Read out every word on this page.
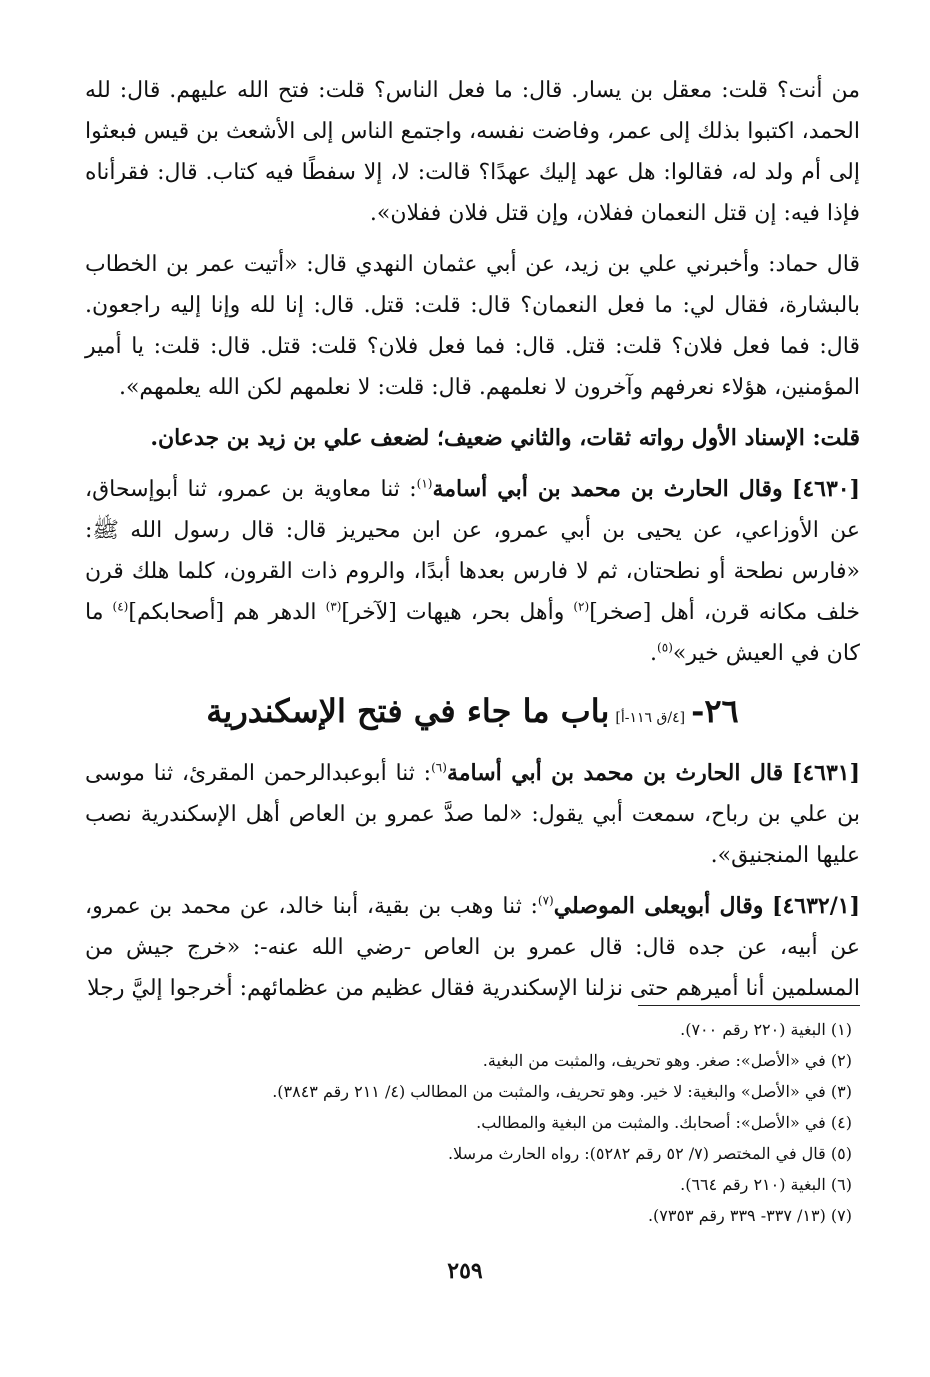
من أنت؟ قلت: معقل بن يسار. قال: ما فعل الناس؟ قلت: فتح الله عليهم. قال: لله الحمد، اكتبوا بذلك إلى عمر، وفاضت نفسه، واجتمع الناس إلى الأشعث بن قيس فبعثوا إلى أم ولد له، فقالوا: هل عهد إليك عهدًا؟ قالت: لا، إلا سفطًا فيه كتاب. قال: فقرأناه فإذا فيه: إن قتل النعمان ففلان، وإن قتل فلان ففلان».

قال حماد: وأخبرني علي بن زيد، عن أبي عثمان النهدي قال: «أتيت عمر بن الخطاب بالبشارة، فقال لي: ما فعل النعمان؟ قال: قلت: قتل. قال: إنا لله وإنا إليه راجعون. قال: فما فعل فلان؟ قلت: قتل. قال: فما فعل فلان؟ قلت: قتل. قال: قلت: يا أمير المؤمنين، هؤلاء نعرفهم وآخرون لا نعلمهم. قال: قلت: لا نعلمهم لكن الله يعلمهم».

قلت: الإسناد الأول رواته ثقات، والثاني ضعيف؛ لضعف علي بن زيد بن جدعان.

[٤٦٣٠] وقال الحارث بن محمد بن أبي أسامة$^{(١)}$: ثنا معاوية بن عمرو، ثنا أبوإسحاق، عن الأوزاعي، عن يحيى بن أبي عمرو، عن ابن محيريز قال: قال رسول الله ﷺ: «فارس نطحة أو نطحتان، ثم لا فارس بعدها أبدًا، والروم ذات القرون، كلما هلك قرن خلف مكانه قرن، أهل [صخر]$^{(٢)}$ وأهل بحر، هيهات [لآخر]$^{(٣)}$ الدهر هم [أصحابكم]$^{(٤)}$ ما كان في العيش خير»$^{(٥)}$.

٢٦-[٤/ق ١١٦-أ]باب ما جاء في فتح الإسكندرية

[٤٦٣١] قال الحارث بن محمد بن أبي أسامة$^{(٦)}$: ثنا أبوعبدالرحمن المقرئ، ثنا موسى بن علي بن رباح، سمعت أبي يقول: «لما صدَّ عمرو بن العاص أهل الإسكندرية نصب عليها المنجنيق».

[٤٦٣٢/١] وقال أبويعلى الموصلي$^{(٧)}$: ثنا وهب بن بقية، أبنا خالد، عن محمد بن عمرو، عن أبيه، عن جده قال: قال عمرو بن العاص -رضي الله عنه-: «خرج جيش من المسلمين أنا أميرهم حتى نزلنا الإسكندرية فقال عظيم من عظمائهم: أخرجوا إليَّ رجلا

(١) البغية (٢٢٠ رقم ٧٠٠).
(٢) في «الأصل»: صغر. وهو تحريف، والمثبت من البغية.
(٣) في «الأصل» والبغية: لا خير. وهو تحريف، والمثبت من المطالب (٤/ ٢١١ رقم ٣٨٤٣).
(٤) في «الأصل»: أصحابك. والمثبت من البغية والمطالب.
(٥) قال في المختصر (٧/ ٥٢ رقم ٥٢٨٢): رواه الحارث مرسلا.
(٦) البغية (٢١٠ رقم ٦٦٤).
(٧) (١٣/ ٣٣٧- ٣٣٩ رقم ٧٣٥٣).
٢٥٩
